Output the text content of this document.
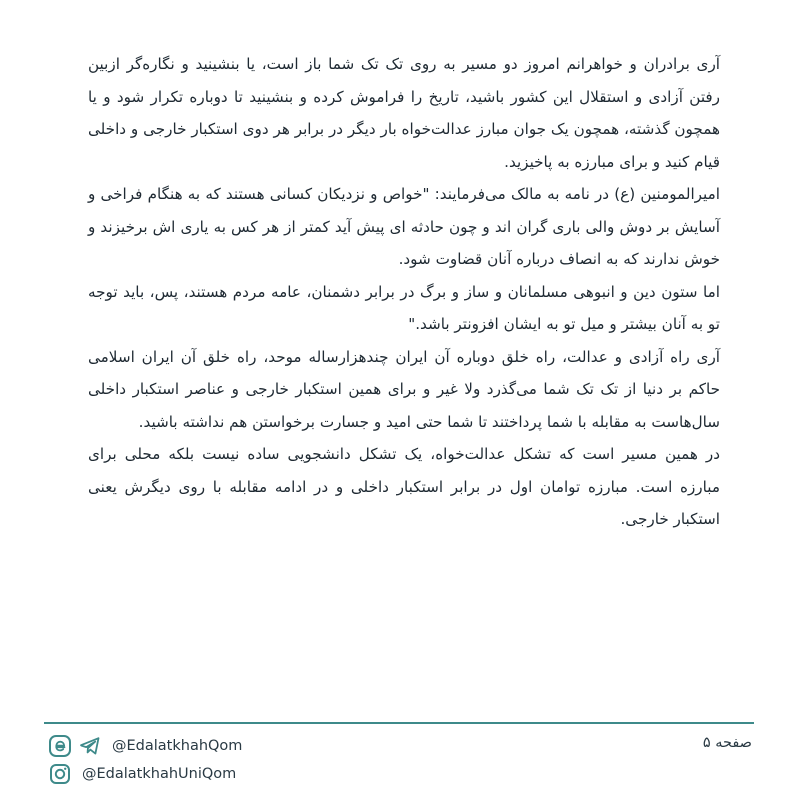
آری برادران و خواهرانم امروز دو مسیر به روی تک تک شما باز است، یا بنشینید و نگاره‌گر ازبین رفتن آزادی و استقلال این کشور باشید، تاریخ را فراموش کرده و بنشینید تا دوباره تکرار شود و یا همچون گذشته، همچون یک جوان مبارز عدالت‌خواه بار دیگر در برابر هر دوی استکبار خارجی و داخلی قیام کنید و برای مبارزه به پاخیزید.

امیرالمومنین (ع) در نامه به مالک می‌فرمایند: "خواص و نزدیکان کسانی هستند که به هنگام فراخی و آسایش بر دوش والی باری گران اند و چون حادثه ای پیش آید کمتر از هر کس به یاری اش برخیزند و خوش ندارند که به انصاف درباره آنان قضاوت شود.

اما ستون دین و انبوهی مسلمانان و ساز و برگ در برابر دشمنان، عامه مردم هستند، پس، باید توجه تو به آنان بیشتر و میل تو به ایشان افزونتر باشد."

آری راه آزادی و عدالت، راه خلق دوباره آن ایران چندهزارساله موحد، راه خلق آن ایران اسلامی حاکم بر دنیا از تک تک شما می‌گذرد ولا غیر و برای همین استکبار خارجی و عناصر استکبار داخلی سال‌هاست به مقابله با شما پرداختند تا شما حتی امید و جسارت برخواستن هم نداشته باشید.

در همین مسیر است که تشکل عدالت‌خواه، یک تشکل دانشجویی ساده نیست بلکه محلی برای مبارزه است. مبارزه توامان اول در برابر استکبار داخلی و در ادامه مقابله با روی دیگرش یعنی استکبار خارجی.

صفحه ۵
@EdalatkhahQom
@EdalatkhahUniQom
